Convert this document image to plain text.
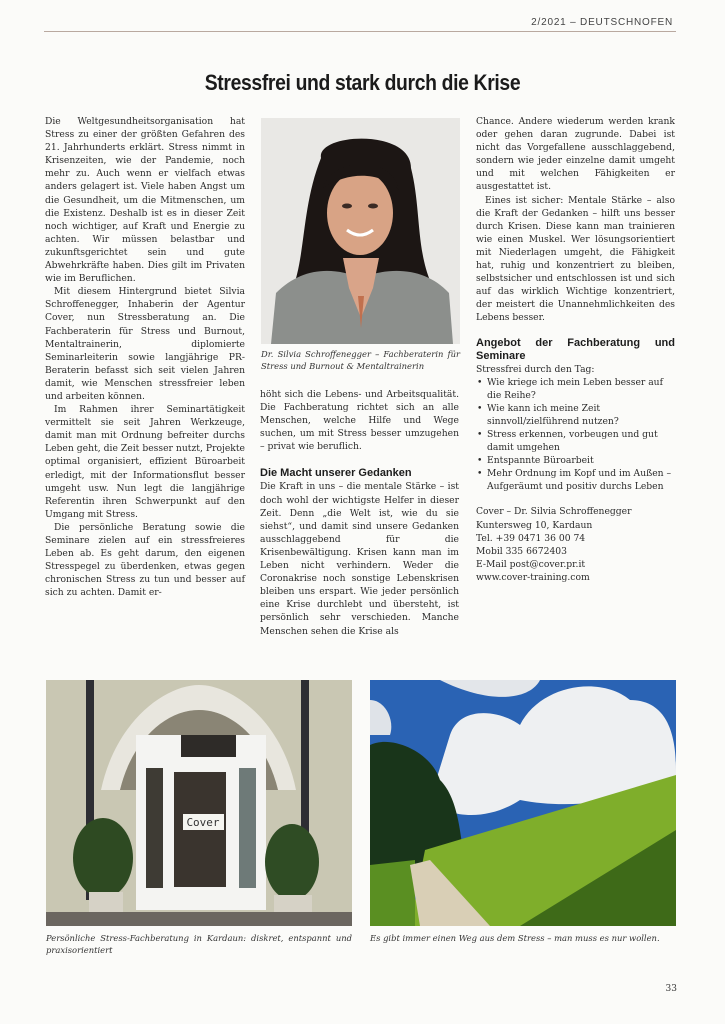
2/2021 – DEUTSCHNOFEN
Stressfrei und stark durch die Krise

Die Weltgesundheitsorganisation hat Stress zu einer der größten Gefahren des 21. Jahrhunderts erklärt. Stress nimmt in Krisenzeiten, wie der Pandemie, noch mehr zu. Auch wenn er vielfach etwas anders gelagert ist. Viele haben Angst um die Gesundheit, um die Mitmenschen, um die Existenz. Deshalb ist es in dieser Zeit noch wichtiger, auf Kraft und Energie zu achten. Wir müssen belastbar und zukunftsgerichtet sein und gute Abwehrkräfte haben. Dies gilt im Privaten wie im Beruflichen.

Mit diesem Hintergrund bietet Silvia Schroffenegger, Inhaberin der Agentur Cover, nun Stressberatung an. Die Fachberaterin für Stress und Burnout, Mentaltrainerin, diplomierte Seminarleiterin sowie langjährige PR-Beraterin befasst sich seit vielen Jahren damit, wie Menschen stressfreier leben und arbeiten können.

Im Rahmen ihrer Seminartätigkeit vermittelt sie seit Jahren Werkzeuge, damit man mit Ordnung befreiter durchs Leben geht, die Zeit besser nutzt, Projekte optimal organisiert, effizient Büroarbeit erledigt, mit der Informationsflut besser umgeht usw. Nun legt die langjährige Referentin ihren Schwerpunkt auf den Umgang mit Stress.

Die persönliche Beratung sowie die Seminare zielen auf ein stressfreieres Leben ab. Es geht darum, den eigenen Stresspegel zu überdenken, etwas gegen chronischen Stress zu tun und besser auf sich zu achten. Damit er-

Dr. Silvia Schroffenegger – Fachberaterin für Stress und Burnout & Mentaltrainerin

höht sich die Lebens- und Arbeitsqualität. Die Fachberatung richtet sich an alle Menschen, welche Hilfe und Wege suchen, um mit Stress besser umzugehen – privat wie beruflich.

Die Macht unserer Gedanken

Die Kraft in uns – die mentale Stärke – ist doch wohl der wichtigste Helfer in dieser Zeit. Denn „die Welt ist, wie du sie siehst“, und damit sind unsere Gedanken ausschlaggebend für die Krisenbewältigung. Krisen kann man im Leben nicht verhindern. Weder die Coronakrise noch sonstige Lebenskrisen bleiben uns erspart. Wie jeder persönlich eine Krise durchlebt und übersteht, ist persönlich sehr verschieden. Manche Menschen sehen die Krise als

Chance. Andere wiederum werden krank oder gehen daran zugrunde. Dabei ist nicht das Vorgefallene ausschlaggebend, sondern wie jeder einzelne damit umgeht und mit welchen Fähigkeiten er ausgestattet ist.

Eines ist sicher: Mentale Stärke – also die Kraft der Gedanken – hilft uns besser durch Krisen. Diese kann man trainieren wie einen Muskel. Wer lösungsorientiert mit Niederlagen umgeht, die Fähigkeit hat, ruhig und konzentriert zu bleiben, selbstsicher und entschlossen ist und sich auf das wirklich Wichtige konzentriert, der meistert die Unannehmlichkeiten des Lebens besser.

Angebot der Fachberatung und Seminare

Stressfrei durch den Tag:

• Wie kriege ich mein Leben besser auf die Reihe?
• Wie kann ich meine Zeit sinnvoll/zielführend nutzen?
• Stress erkennen, vorbeugen und gut damit umgehen
• Entspannte Büroarbeit
• Mehr Ordnung im Kopf und im Außen – Aufgeräumt und positiv durchs Leben
Cover – Dr. Silvia Schroffenegger
Kuntersweg 10, Kardaun
Tel. +39 0471 36 00 74
Mobil 335 6672403
E-Mail post@cover.pr.it
www.cover-training.com
Cover
Persönliche Stress-Fachberatung in Kardaun: diskret, entspannt und praxisorientiert
Es gibt immer einen Weg aus dem Stress – man muss es nur wollen.
33
